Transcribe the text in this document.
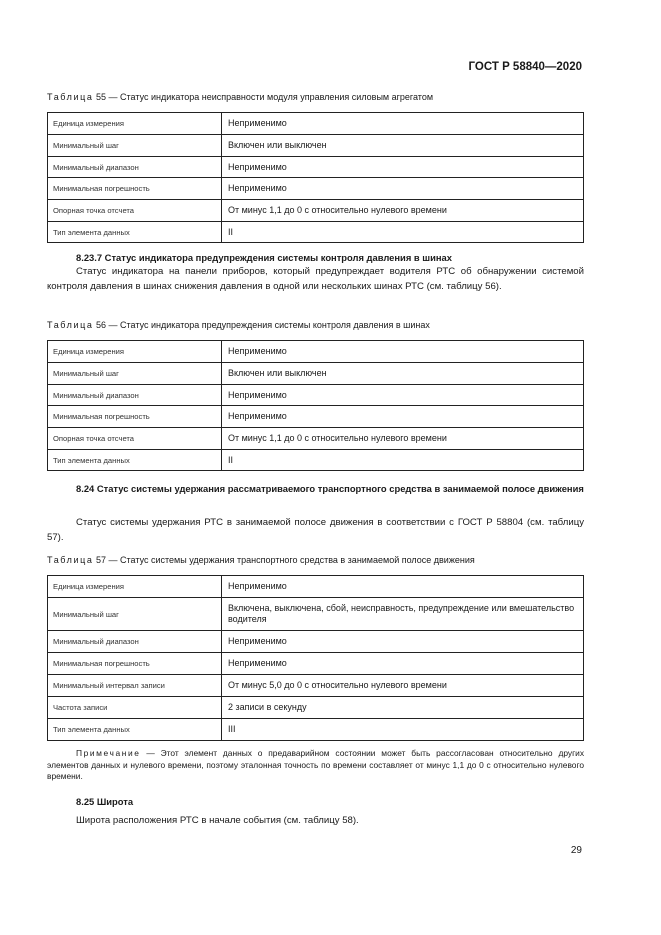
ГОСТ Р 58840—2020
Таблица 55 — Статус индикатора неисправности модуля управления силовым агрегатом
Единица измерения	Неприменимо
Минимальный шаг	Включен или выключен
Минимальный диапазон	Неприменимо
Минимальная погрешность	Неприменимо
Опорная точка отсчета	От минус 1,1 до 0 с относительно нулевого времени
Тип элемента данных	II
8.23.7 Статус индикатора предупреждения системы контроля давления в шинах
Статус индикатора на панели приборов, который предупреждает водителя РТС об обнаружении системой контроля давления в шинах снижения давления в одной или нескольких шинах РТС (см. таблицу 56).
Таблица 56 — Статус индикатора предупреждения системы контроля давления в шинах
Единица измерения	Неприменимо
Минимальный шаг	Включен или выключен
Минимальный диапазон	Неприменимо
Минимальная погрешность	Неприменимо
Опорная точка отсчета	От минус 1,1 до 0 с относительно нулевого времени
Тип элемента данных	II
8.24 Статус системы удержания рассматриваемого транспортного средства в занимаемой полосе движения
Статус системы удержания РТС в занимаемой полосе движения в соответствии с ГОСТ Р 58804 (см. таблицу 57).
Таблица 57 — Статус системы удержания транспортного средства в занимаемой полосе движения
Единица измерения	Неприменимо
Минимальный шаг	Включена, выключена, сбой, неисправность, предупреждение или вмешательство водителя
Минимальный диапазон	Неприменимо
Минимальная погрешность	Неприменимо
Минимальный интервал записи	От минус 5,0 до 0 с относительно нулевого времени
Частота записи	2 записи в секунду
Тип элемента данных	III
Примечание — Этот элемент данных о предаварийном состоянии может быть рассогласован относительно других элементов данных и нулевого времени, поэтому эталонная точность по времени составляет от минус 1,1 до 0 с относительно нулевого времени.
8.25 Широта
Широта расположения РТС в начале события (см. таблицу 58).
29
